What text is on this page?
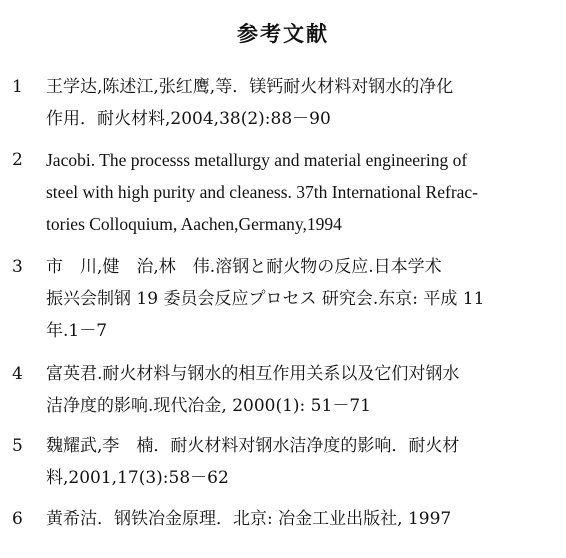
参考文献
1	王学达,陈述江,张红鹰,等．镁钙耐火材料对钢水的净化
作用．耐火材料,2004,38(2):88－90
2	Jacobi. The processs metallurgy and material engineering of
steel with high purity and cleaness. 37th International Refrac-
tories Colloquium, Aachen,Germany,1994
3	市　川,健　治,林　伟.溶钢と耐火物の反应.日本学术
振兴会制钢 19 委员会反应プロセス 研究会.东京: 平成 11
年.1－7
4	富英君.耐火材料与钢水的相互作用关系以及它们对钢水
洁净度的影响.现代冶金, 2000(1): 51－71
5	魏耀武,李　楠．耐火材料对钢水洁净度的影响．耐火材
料,2001,17(3):58－62
6	黄希沽．钢铁冶金原理．北京: 冶金工业出版社, 1997
